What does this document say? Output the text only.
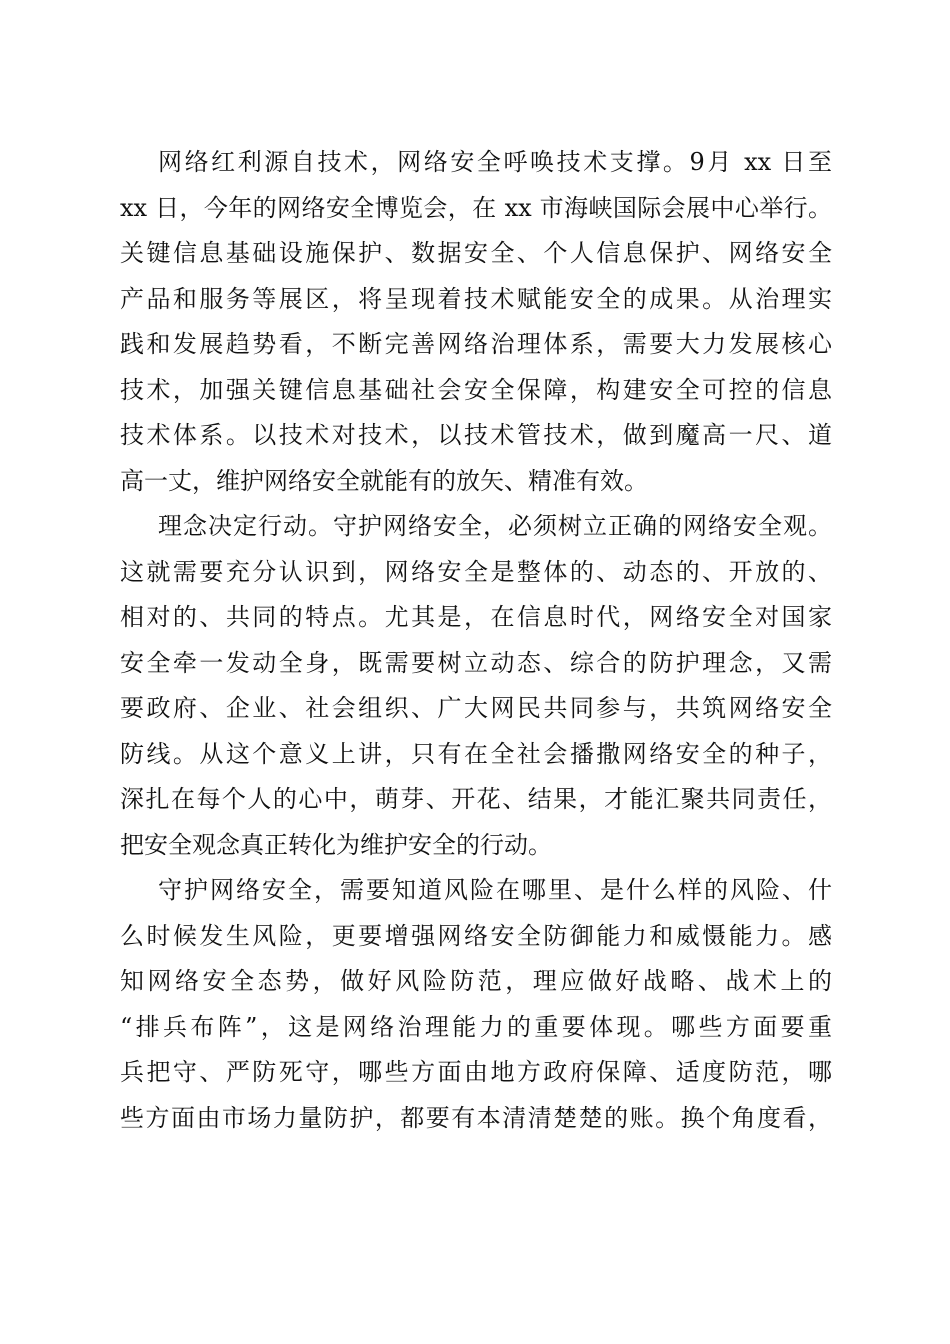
网络红利源自技术，网络安全呼唤技术支撑。9月 xx 日至
xx 日，今年的网络安全博览会，在 xx 市海峡国际会展中心举行。
关键信息基础设施保护、数据安全、个人信息保护、网络安全
产品和服务等展区，将呈现着技术赋能安全的成果。从治理实
践和发展趋势看，不断完善网络治理体系，需要大力发展核心
技术，加强关键信息基础社会安全保障，构建安全可控的信息
技术体系。以技术对技术，以技术管技术，做到魔高一尺、道
高一丈，维护网络安全就能有的放矢、精准有效。

理念决定行动。守护网络安全，必须树立正确的网络安全观。
这就需要充分认识到，网络安全是整体的、动态的、开放的、
相对的、共同的特点。尤其是，在信息时代，网络安全对国家
安全牵一发动全身，既需要树立动态、综合的防护理念，又需
要政府、企业、社会组织、广大网民共同参与，共筑网络安全
防线。从这个意义上讲，只有在全社会播撒网络安全的种子，
深扎在每个人的心中，萌芽、开花、结果，才能汇聚共同责任，
把安全观念真正转化为维护安全的行动。

守护网络安全，需要知道风险在哪里、是什么样的风险、什
么时候发生风险，更要增强网络安全防御能力和威慑能力。感
知网络安全态势，做好风险防范，理应做好战略、战术上的
“排兵布阵”，这是网络治理能力的重要体现。哪些方面要重
兵把守、严防死守，哪些方面由地方政府保障、适度防范，哪
些方面由市场力量防护，都要有本清清楚楚的账。换个角度看，
